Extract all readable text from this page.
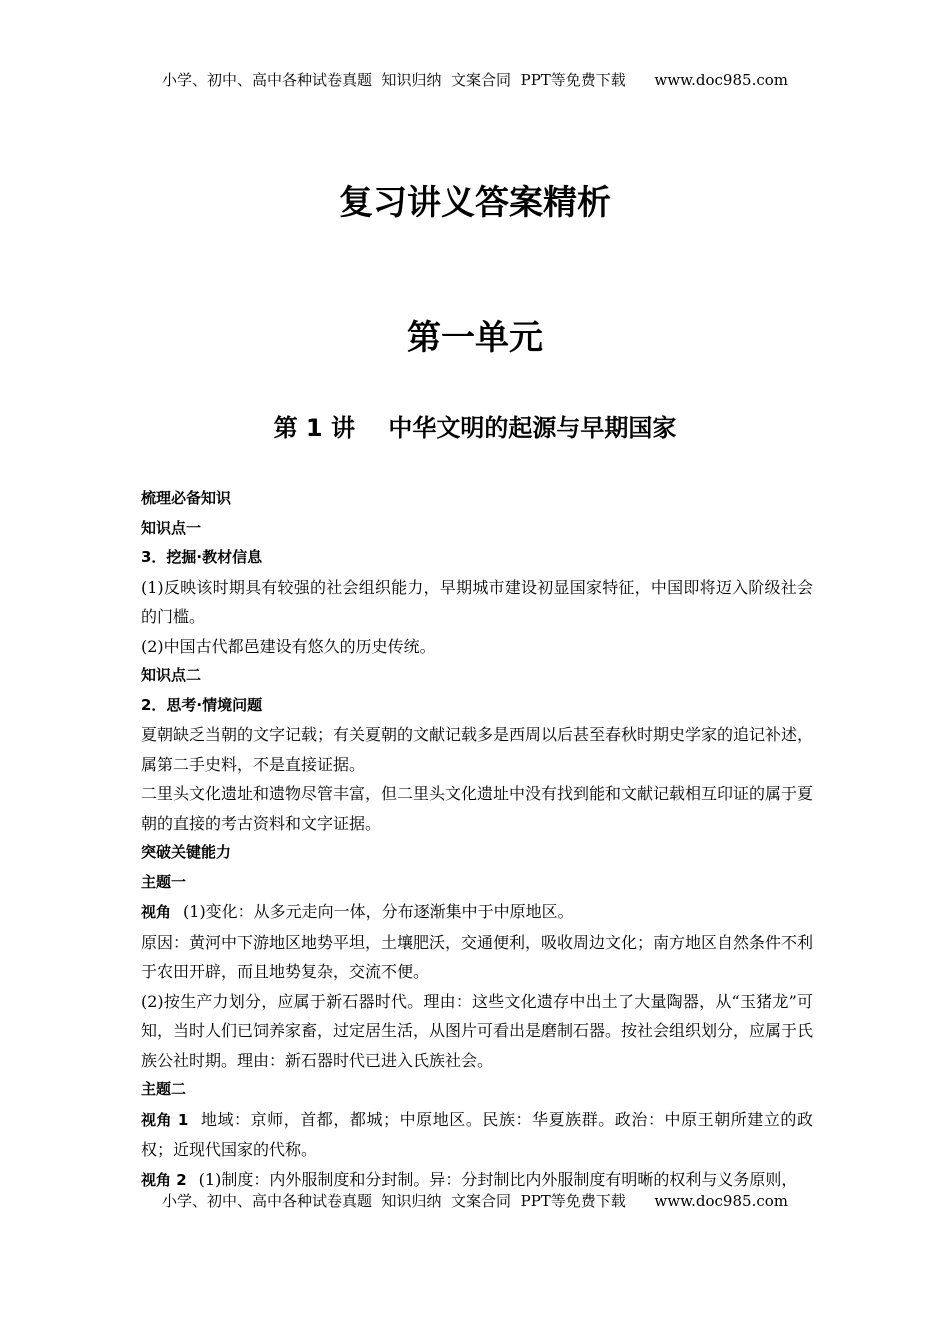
小学、初中、高中各种试卷真题  知识归纳  文案合同  PPT等免费下载      www.doc985.com
复习讲义答案精析
第一单元
第 1 讲    中华文明的起源与早期国家

梳理必备知识

知识点一

3．挖掘·教材信息

(1)反映该时期具有较强的社会组织能力，早期城市建设初显国家特征，中国即将迈入阶级社会的门槛。

(2)中国古代都邑建设有悠久的历史传统。

知识点二

2．思考·情境问题

夏朝缺乏当朝的文字记载；有关夏朝的文献记载多是西周以后甚至春秋时期史学家的追记补述，属第二手史料，不是直接证据。

二里头文化遗址和遗物尽管丰富，但二里头文化遗址中没有找到能和文献记载相互印证的属于夏朝的直接的考古资料和文字证据。

突破关键能力

主题一

视角 (1)变化：从多元走向一体，分布逐渐集中于中原地区。

原因：黄河中下游地区地势平坦，土壤肥沃，交通便利，吸收周边文化；南方地区自然条件不利于农田开辟，而且地势复杂，交流不便。

(2)按生产力划分，应属于新石器时代。理由：这些文化遗存中出土了大量陶器，从“玉猪龙”可知，当时人们已饲养家畜，过定居生活，从图片可看出是磨制石器。按社会组织划分，应属于氏族公社时期。理由：新石器时代已进入氏族社会。

主题二

视角 1 地域：京师，首都，都城；中原地区。民族：华夏族群。政治：中原王朝所建立的政权；近现代国家的代称。

视角 2 (1)制度：内外服制度和分封制。异：分封制比内外服制度有明晰的权利与义务原则，

小学、初中、高中各种试卷真题  知识归纳  文案合同  PPT等免费下载      www.doc985.com
